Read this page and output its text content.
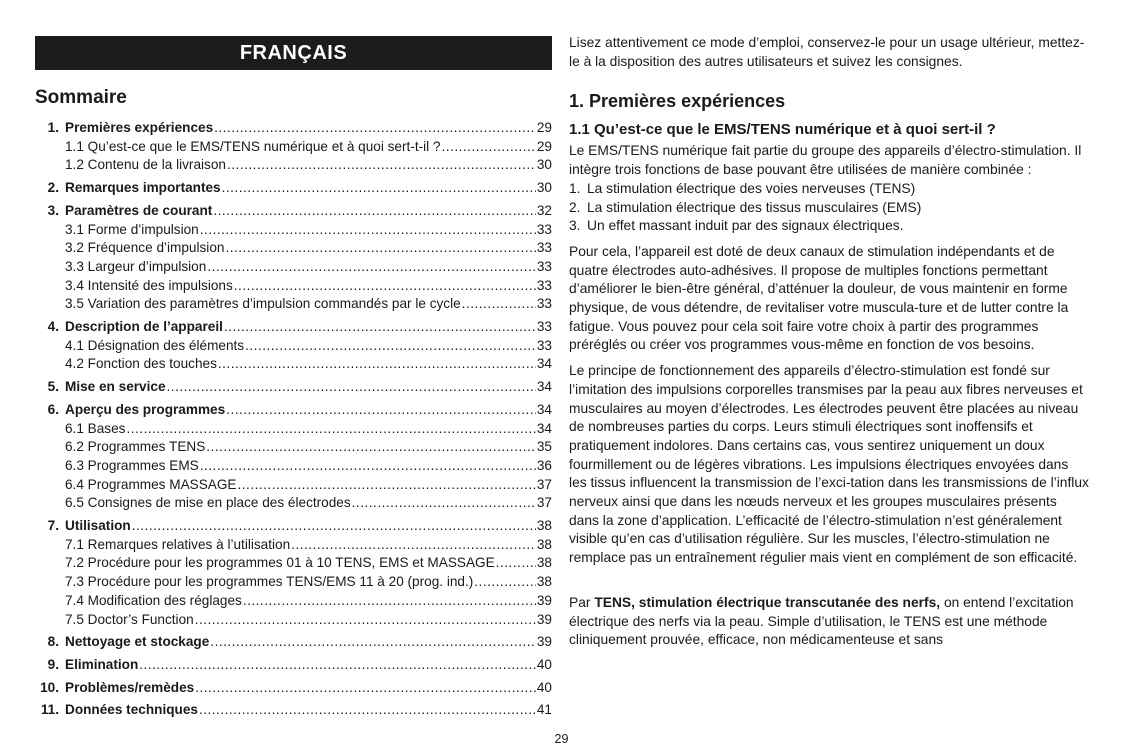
FRANÇAIS
Sommaire
1. Premières expériences .....	29
1.1 Qu’est-ce que le EMS/TENS numérique et à quoi sert-t-il ? .....	29
1.2 Contenu de la livraison .....	30
2. Remarques importantes .....	30
3. Paramètres de courant .....	32
3.1 Forme d’impulsion .....	33
3.2 Fréquence d’impulsion .....	33
3.3 Largeur d’impulsion .....	33
3.4 Intensité des impulsions .....	33
3.5 Variation des paramètres d’impulsion commandés par le cycle .....	33
4. Description de l’appareil .....	33
4.1 Désignation des éléments .....	33
4.2 Fonction des touches .....	34
5. Mise en service .....	34
6. Aperçu des programmes .....	34
6.1 Bases .....	34
6.2 Programmes TENS .....	35
6.3 Programmes EMS .....	36
6.4 Programmes MASSAGE .....	37
6.5 Consignes de mise en place des électrodes .....	37
7. Utilisation .....	38
7.1 Remarques relatives à l’utilisation .....	38
7.2 Procédure pour les programmes 01 à 10 TENS, EMS et MASSAGE .....	38
7.3 Procédure pour les programmes TENS/EMS 11 à 20 (prog. ind.) .....	38
7.4 Modification des réglages .....	39
7.5 Doctor’s Function .....	39
8. Nettoyage et stockage .....	39
9. Elimination .....	40
10. Problèmes/remèdes .....	40
11. Données techniques .....	41
Lisez attentivement ce mode d’emploi, conservez-le pour un usage ultérieur, mettez-le à la disposition des autres utilisateurs et suivez les consignes.
1. Premières expériences
1.1 Qu’est-ce que le EMS/TENS numérique et à quoi sert-il ?
Le EMS/TENS numérique fait partie du groupe des appareils d’électro-stimulation. Il intègre trois fonctions de base pouvant être utilisées de manière combinée :
1. La stimulation électrique des voies nerveuses (TENS)
2. La stimulation électrique des tissus musculaires (EMS)
3. Un effet massant induit par des signaux électriques.
Pour cela, l’appareil est doté de deux canaux de stimulation indépendants et de quatre électrodes auto-adhésives. Il propose de multiples fonctions permettant d’améliorer le bien-être général, d’atténuer la douleur, de vous maintenir en forme physique, de vous détendre, de revitaliser votre muscula-ture et de lutter contre la fatigue. Vous pouvez pour cela soit faire votre choix à partir des programmes préréglés ou créer vos programmes vous-même en fonction de vos besoins.
Le principe de fonctionnement des appareils d’électro-stimulation est fondé sur l’imitation des impulsions corporelles transmises par la peau aux fibres nerveuses et musculaires au moyen d’électrodes. Les électrodes peuvent être placées au niveau de nombreuses parties du corps. Leurs stimuli électriques sont inoffensifs et pratiquement indolores. Dans certains cas, vous sentirez uniquement un doux fourmillement ou de légères vibrations. Les impulsions électriques envoyées dans les tissus influencent la transmission de l’exci-tation dans les transmissions de l’influx nerveux ainsi que dans les nœuds nerveux et les groupes musculaires présents dans la zone d’application. L’efficacité de l’électro-stimulation n’est généralement visible qu’en cas d’utilisation régulière. Sur les muscles, l’électro-stimulation ne remplace pas un entraînement régulier mais vient en complément de son efficacité.
Par TENS, stimulation électrique transcutanée des nerfs, on entend l’excitation électrique des nerfs via la peau. Simple d’utilisation, le TENS est une méthode cliniquement prouvée, efficace, non médicamenteuse et sans
29
